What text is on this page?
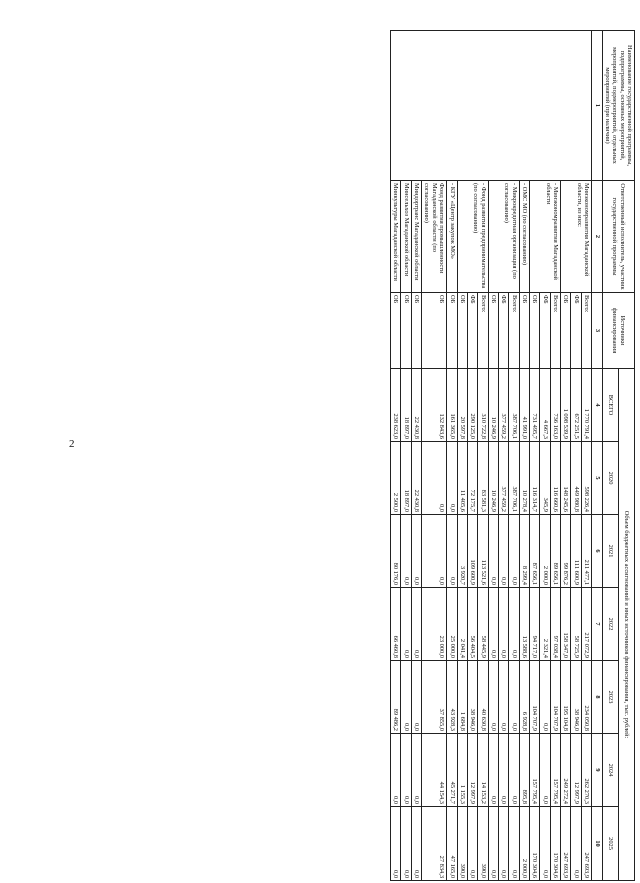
2
Наименование государственной программы, подпрограммы, основных мероприятий, мероприятий, подмероприятий, отдельных мероприятий (при наличии)	Ответственный исполнитель, участник государственной программы	Источники финансирования	Объем бюджетных ассигнований и иных источников финансирования, тыс. рублей:						
			ВСЕГО	2020	2021	2022	2023	2024	2025
1	2	3	4	5	6	7	8	9	10
	Минэкономразвития Магаданской области, из них:	Всего:	1 770 791,4	598 226,4	211 477,1	217 072,9	234 050,8	262 270,3	247 693,9
		ФБ	672 251,5	449 980,8	111 600,9	58 725,9	38 946,0	12 997,9	0,0
		ОБ	1 098 539,9	148 245,6	99 876,2	158 347,0	195 104,8	249 272,4	247 693,9
	- Минэкономразвития Магаданской области	Всего:	736 163,0	116 660,6	89 656,1	97 038,4	104 707,9	157 795,4	170 304,6
		ФБ	4 667,3	345,9	2 000,0	2 321,4	0,0	0,0	0,0
		ОБ	731 495,7	116 314,7	87 656,1	94 717,0	104 707,9	157 795,4	170 304,6
	- ОМС МО (по согласованию)	ОБ	41 991,0	10 278,4	8 299,4	13 588,6	6 928,8	895,8	2 000,0
	- Микрокредитная организация (по согласованию)	Всего:	387 706,1	387 706,1	0,0	0,0	0,0	0,0	0,0
		ФБ	377 459,2	377 459,2	0,0	0,0	0,0	0,0	0,0
		ОБ	10 246,9	10 246,9	0,0	0,0	0,0	0,0	0,0
	- Фонд развития предпринимательства (по согласованию)	Всего:	310 722,8	83 581,3	113 521,6	58 445,9	40 630,8	14 153,2	390,0
		ФБ	290 125,0	72 175,7	109 600,9	56 404,5	38 946,0	12 997,9	0,0
		ОБ	20 597,8	11 405,6	3 920,7	2 041,4	1 684,8	1 155,3	390,0
	- КГУ «Центр закупок МО»	ОБ	161 365,0	0,0	0,0	25 000,0	43 928,3	45 271,7	47 165,0
	Фонд развития промышленности Магаданской области (по согласованию)	ОБ	132 843,6	0,0	0,0	23 000,0	37 855,0	44 154,3	27 834,3
	Миндортранс Магаданской области	ОБ	22 430,8	22 430,8	0,0	0,0	0,0	0,0	0,0
	Минсельхоз Магаданской области	ОБ	18 897,0	18 897,0	0,0	0,0	0,0	0,0	0,0
	Минкультуры Магаданской области	ОБ	238 623,0	2 500,0	80 176,0	66 460,8	89 486,2	0,0	0,0
